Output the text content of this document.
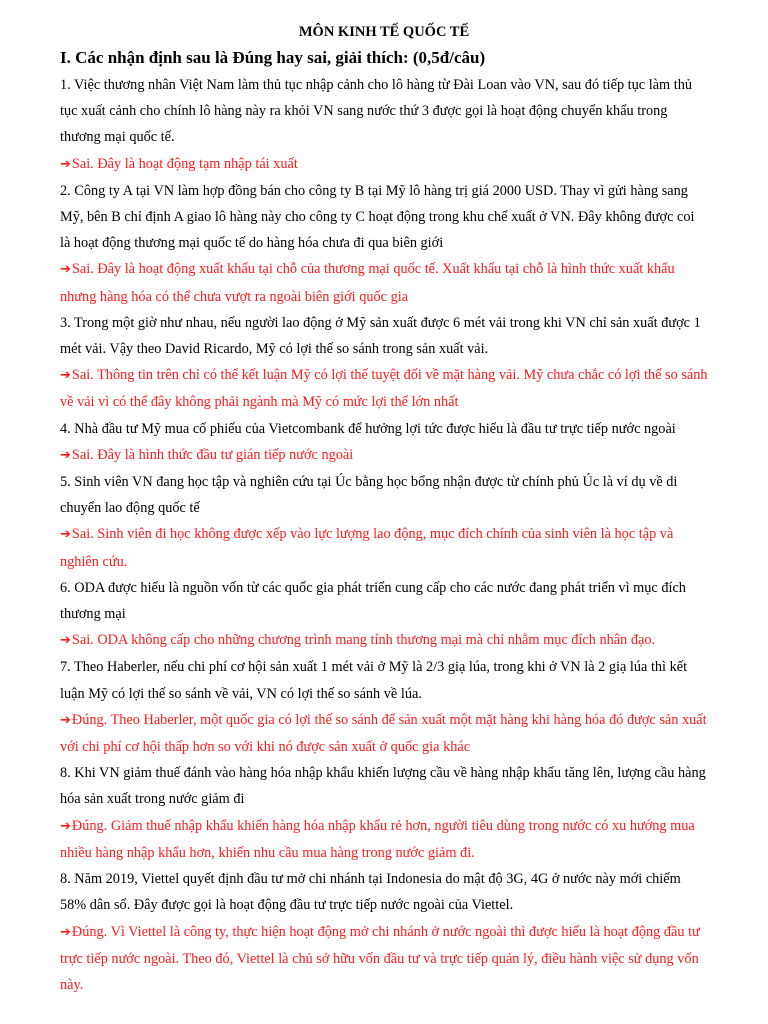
MÔN KINH TẾ QUỐC TẾ
I. Các nhận định sau là Đúng hay sai, giải thích: (0,5đ/câu)

1. Việc thương nhân Việt Nam làm thủ tục nhập cảnh cho lô hàng từ Đài Loan vào VN, sau đó tiếp tục làm thủ tục xuất cảnh cho chính lô hàng này ra khỏi VN sang nước thứ 3 được gọi là hoạt động chuyển khẩu trong thương mại quốc tế.

➔Sai. Đây là hoạt động tạm nhập tái xuất

2. Công ty A tại VN làm hợp đồng bán cho công ty B tại Mỹ lô hàng trị giá 2000 USD. Thay vì gửi hàng sang Mỹ, bên B chỉ định A giao lô hàng này cho công ty C hoạt động trong khu chế xuất ở VN. Đây không được coi là hoạt động thương mại quốc tế do hàng hóa chưa đi qua biên giới

➔Sai. Đây là hoạt động xuất khẩu tại chỗ của thương mại quốc tế. Xuất khẩu tại chỗ là hình thức xuất khẩu nhưng hàng hóa có thể chưa vượt ra ngoài biên giới quốc gia

3. Trong một giờ như nhau, nếu người lao động ở Mỹ sản xuất được 6 mét vải trong khi VN chỉ sản xuất được 1 mét vải. Vậy theo David Ricardo, Mỹ có lợi thế so sánh trong sản xuất vải.

➔Sai. Thông tin trên chỉ có thể kết luận Mỹ có lợi thế tuyệt đối về mặt hàng vải. Mỹ chưa chắc có lợi thế so sánh về vải vì có thể đây không phải ngành mà Mỹ có mức lợi thế lớn nhất

4. Nhà đầu tư Mỹ mua cổ phiếu của Vietcombank để hưởng lợi tức được hiểu là đầu tư trực tiếp nước ngoài

➔Sai. Đây là hình thức đầu tư gián tiếp nước ngoài

5. Sinh viên VN đang học tập và nghiên cứu tại Úc bằng học bổng nhận được từ chính phủ Úc là ví dụ về di chuyển lao động quốc tế

➔Sai. Sinh viên đi học không được xếp vào lực lượng lao động, mục đích chính của sinh viên là học tập và nghiên cứu.

6. ODA được hiểu là nguồn vốn từ các quốc gia phát triển cung cấp cho các nước đang phát triển vì mục đích thương mại

➔Sai. ODA không cấp cho những chương trình mang tính thương mại mà chỉ nhằm mục đích nhân đạo.

7. Theo Haberler, nếu chi phí cơ hội sản xuất 1 mét vải ở Mỹ là 2/3 giạ lúa, trong khi ở VN là 2 giạ lúa thì kết luận Mỹ có lợi thế so sánh về vải, VN có lợi thế so sánh về lúa.

➔Đúng. Theo Haberler, một quốc gia có lợi thế so sánh để sản xuất một mặt hàng khi hàng hóa đó được sản xuất với chi phí cơ hội thấp hơn so với khi nó được sản xuất ở quốc gia khác

8. Khi VN giảm thuế đánh vào hàng hóa nhập khẩu khiến lượng cầu về hàng nhập khẩu tăng lên, lượng cầu hàng hóa sản xuất trong nước giảm đi

➔Đúng. Giảm thuế nhập khẩu khiến hàng hóa nhập khẩu rẻ hơn, người tiêu dùng trong nước có xu hướng mua nhiều hàng nhập khẩu hơn, khiến nhu cầu mua hàng trong nước giảm đi.

8. Năm 2019, Viettel quyết định đầu tư mở chi nhánh tại Indonesia do mật độ 3G, 4G ở nước này mới chiếm 58% dân số. Đây được gọi là hoạt động đầu tư trực tiếp nước ngoài của Viettel.

➔Đúng. Vì Viettel là công ty, thực hiện hoạt động mở chi nhánh ở nước ngoài thì được hiểu là hoạt động đầu tư trực tiếp nước ngoài. Theo đó, Viettel là chủ sở hữu vốn đầu tư và trực tiếp quản lý, điều hành việc sử dụng vốn này.
